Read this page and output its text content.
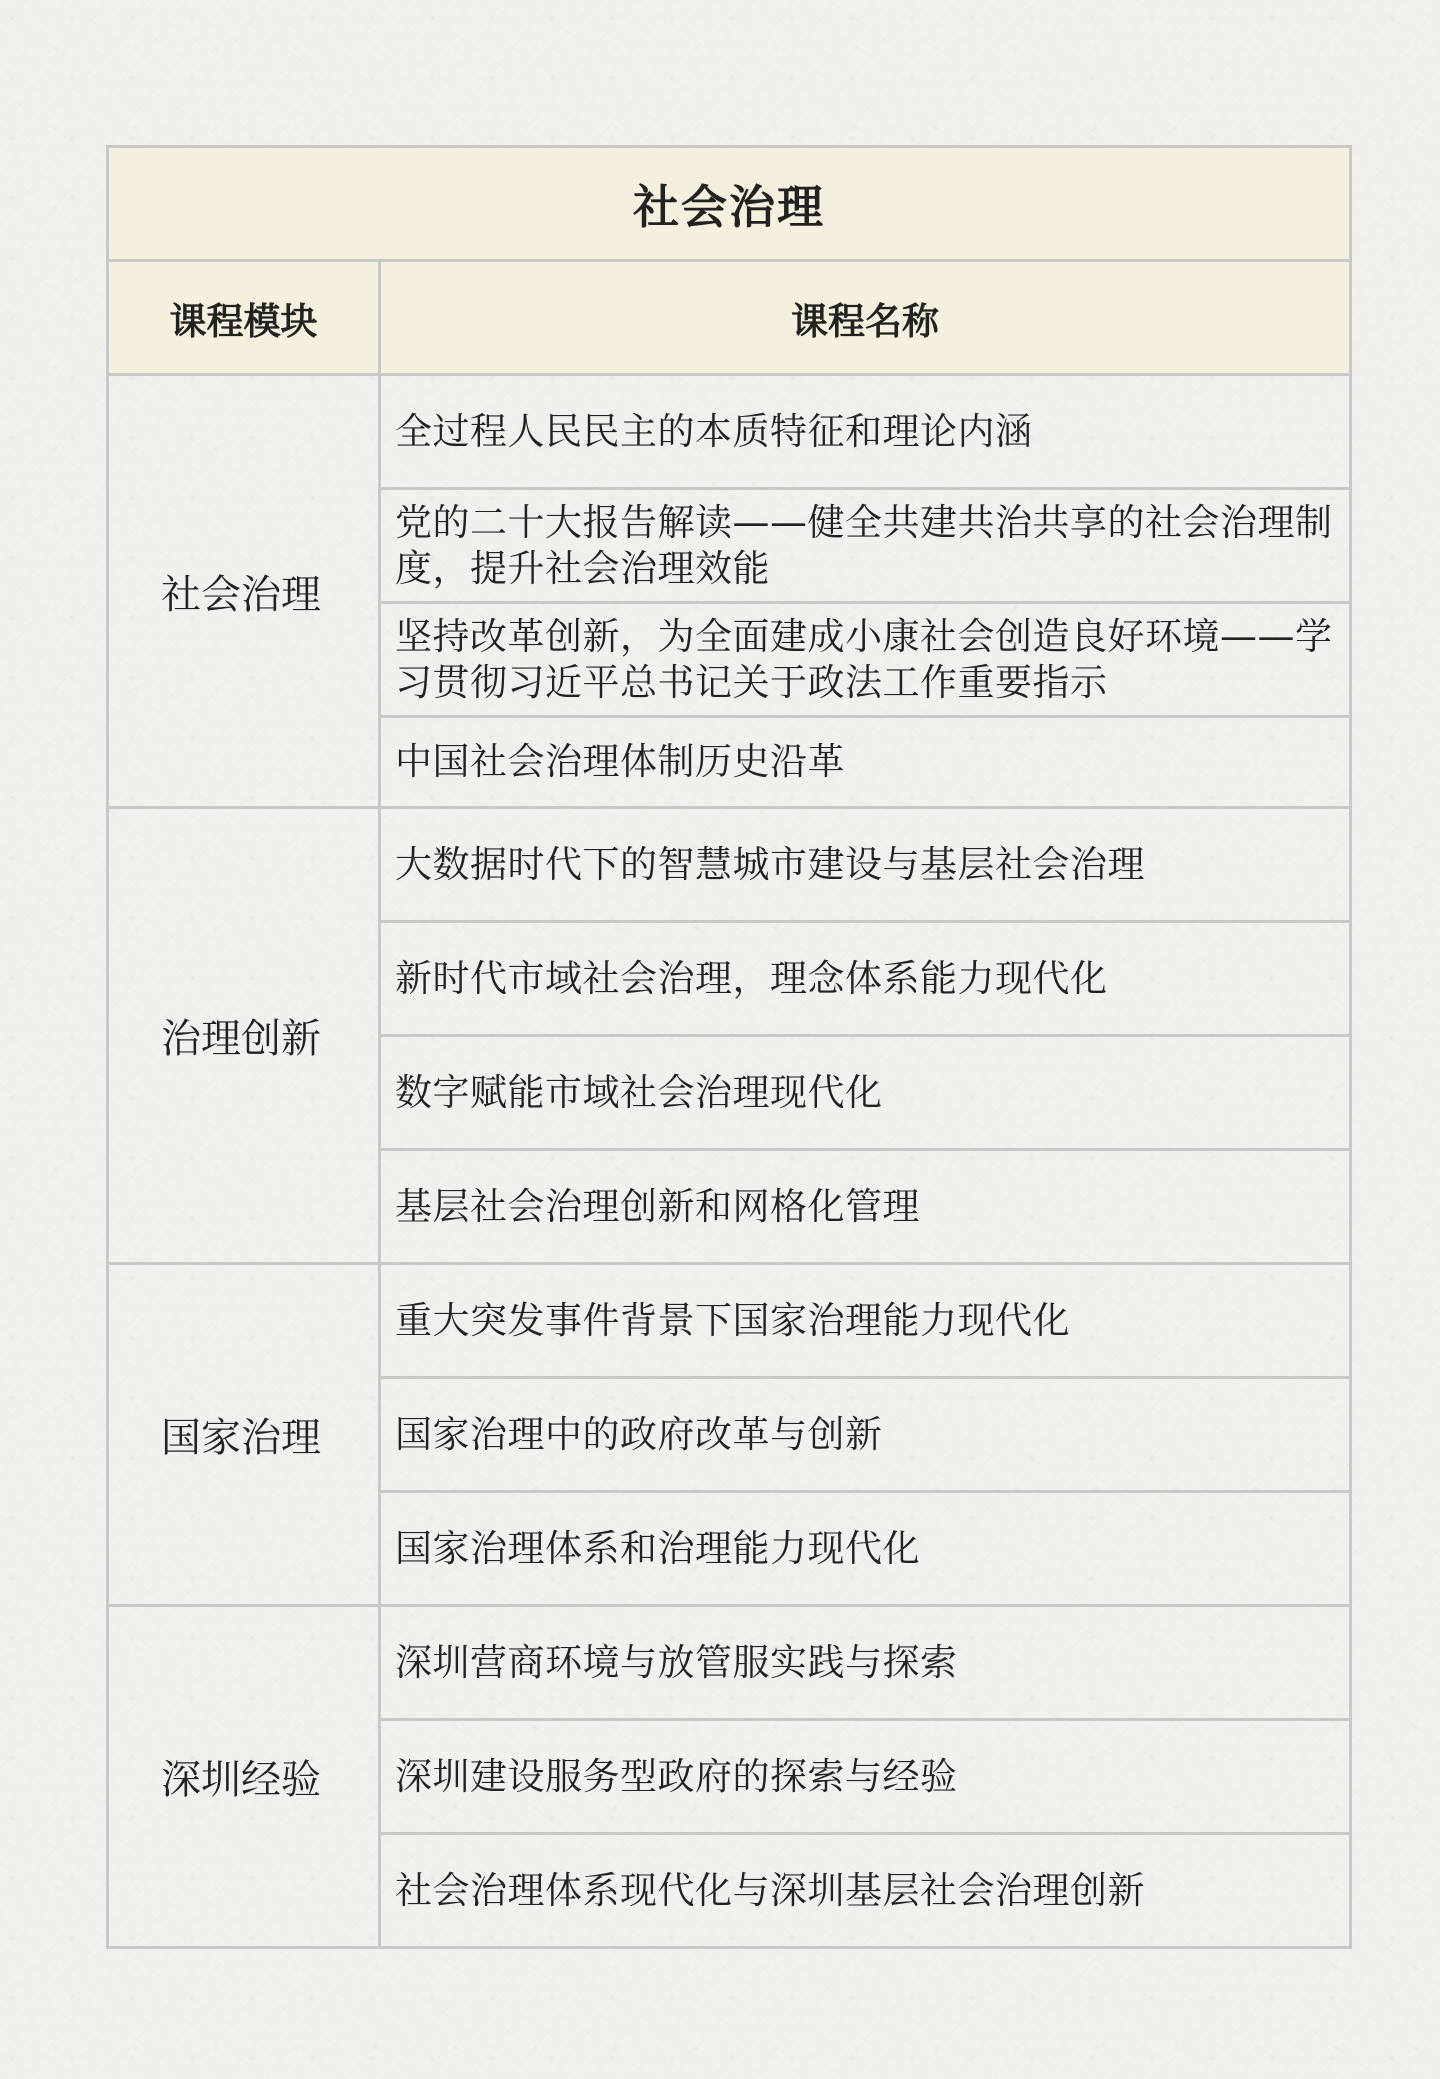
社会治理	
课程模块	课程名称
社会治理	全过程人民民主的本质特征和理论内涵
	党的二十大报告解读——健全共建共治共享的社会治理制度，提升社会治理效能
	坚持改革创新，为全面建成小康社会创造良好环境——学习贯彻习近平总书记关于政法工作重要指示
	中国社会治理体制历史沿革
治理创新	大数据时代下的智慧城市建设与基层社会治理
	新时代市域社会治理，理念体系能力现代化
	数字赋能市域社会治理现代化
	基层社会治理创新和网格化管理
国家治理	重大突发事件背景下国家治理能力现代化
	国家治理中的政府改革与创新
	国家治理体系和治理能力现代化
深圳经验	深圳营商环境与放管服实践与探索
	深圳建设服务型政府的探索与经验
	社会治理体系现代化与深圳基层社会治理创新
